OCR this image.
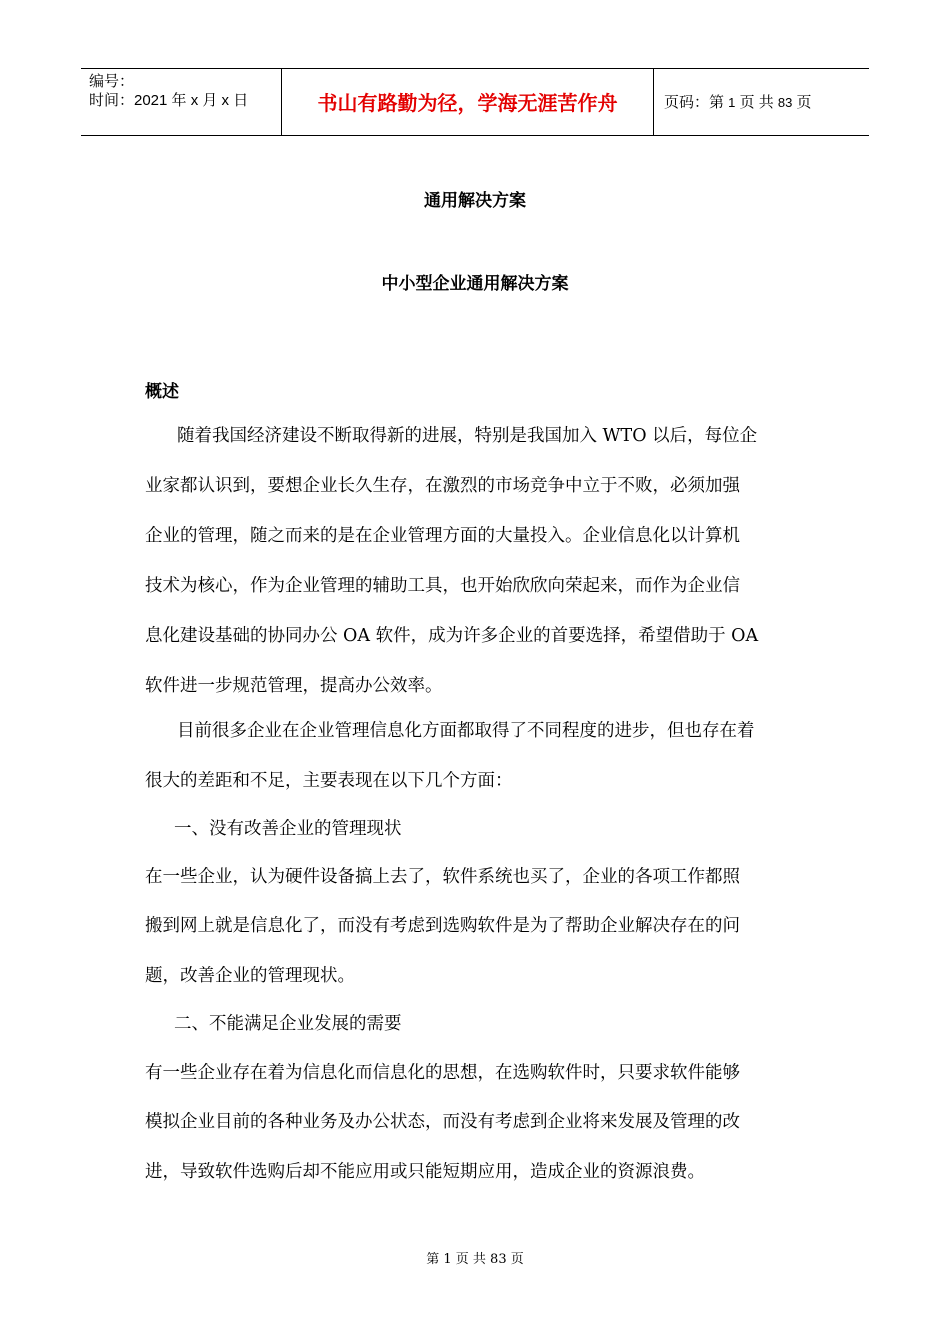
编号：
时间：2021 年 x 月 x 日	书山有路勤为径，学海无涯苦作舟	页码：第 1 页 共 83 页
通用解决方案
中小型企业通用解决方案
概述
随着我国经济建设不断取得新的进展，特别是我国加入 WTO 以后，每位企
业家都认识到，要想企业长久生存，在激烈的市场竞争中立于不败，必须加强
企业的管理，随之而来的是在企业管理方面的大量投入。企业信息化以计算机
技术为核心，作为企业管理的辅助工具，也开始欣欣向荣起来，而作为企业信
息化建设基础的协同办公 OA 软件，成为许多企业的首要选择，希望借助于 OA
软件进一步规范管理，提高办公效率。
目前很多企业在企业管理信息化方面都取得了不同程度的进步，但也存在着
很大的差距和不足，主要表现在以下几个方面：
一、没有改善企业的管理现状
在一些企业，认为硬件设备搞上去了，软件系统也买了，企业的各项工作都照
搬到网上就是信息化了，而没有考虑到选购软件是为了帮助企业解决存在的问
题，改善企业的管理现状。
二、不能满足企业发展的需要
有一些企业存在着为信息化而信息化的思想，在选购软件时，只要求软件能够
模拟企业目前的各种业务及办公状态，而没有考虑到企业将来发展及管理的改
进，导致软件选购后却不能应用或只能短期应用，造成企业的资源浪费。
第 1 页 共 83 页
